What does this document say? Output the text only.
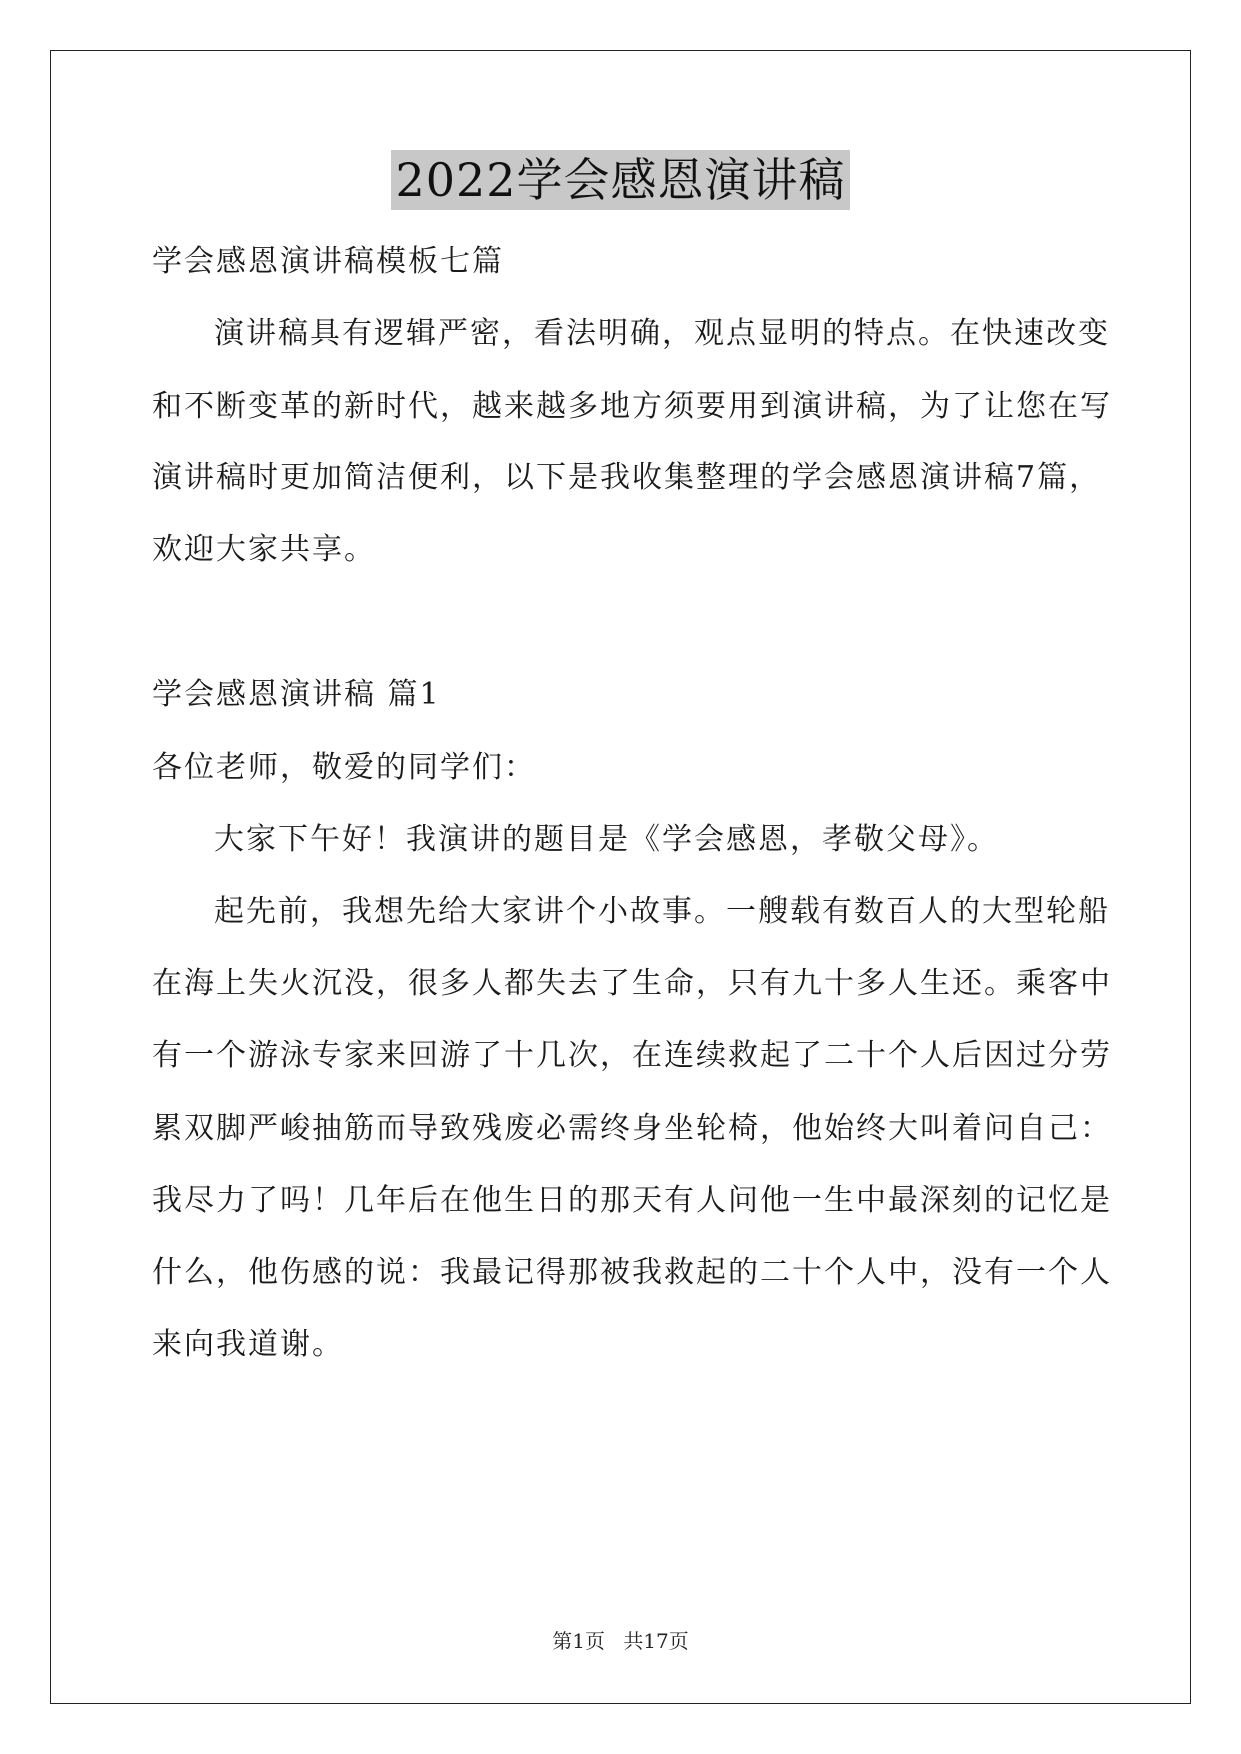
2022学会感恩演讲稿
学会感恩演讲稿模板七篇
演讲稿具有逻辑严密，看法明确，观点显明的特点。在快速改变
和不断变革的新时代，越来越多地方须要用到演讲稿，为了让您在写
演讲稿时更加简洁便利，以下是我收集整理的学会感恩演讲稿7篇，
欢迎大家共享。
学会感恩演讲稿 篇1
各位老师，敬爱的同学们：
大家下午好！我演讲的题目是《学会感恩，孝敬父母》。
起先前，我想先给大家讲个小故事。一艘载有数百人的大型轮船
在海上失火沉没，很多人都失去了生命，只有九十多人生还。乘客中
有一个游泳专家来回游了十几次，在连续救起了二十个人后因过分劳
累双脚严峻抽筋而导致残废必需终身坐轮椅，他始终大叫着问自己：
我尽力了吗！几年后在他生日的那天有人问他一生中最深刻的记忆是
什么，他伤感的说：我最记得那被我救起的二十个人中，没有一个人
来向我道谢。
第1页 共17页
